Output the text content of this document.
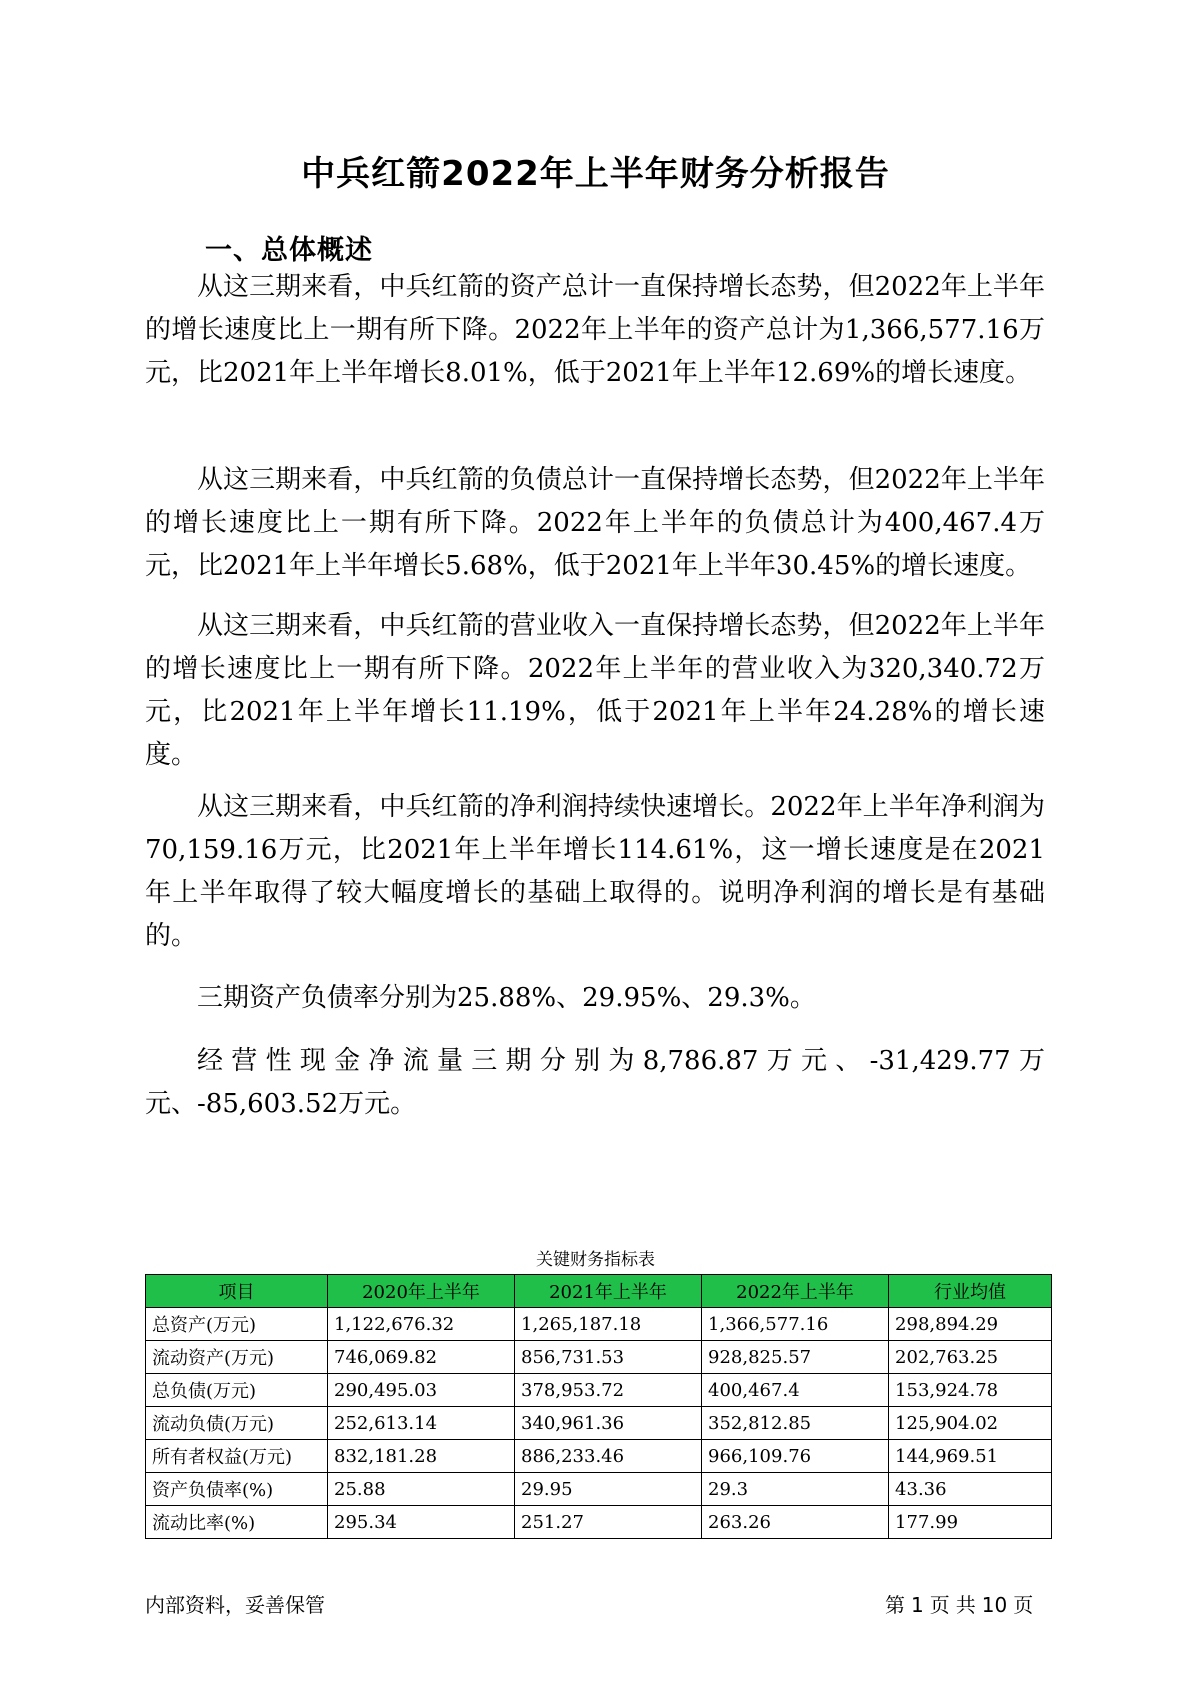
中兵红箭2022年上半年财务分析报告
一、总体概述

从这三期来看，中兵红箭的资产总计一直保持增长态势，但2022年上半年的增长速度比上一期有所下降。2022年上半年的资产总计为1,366,577.16万元，比2021年上半年增长8.01%，低于2021年上半年12.69%的增长速度。

从这三期来看，中兵红箭的负债总计一直保持增长态势，但2022年上半年的增长速度比上一期有所下降。2022年上半年的负债总计为400,467.4万元，比2021年上半年增长5.68%，低于2021年上半年30.45%的增长速度。

从这三期来看，中兵红箭的营业收入一直保持增长态势，但2022年上半年的增长速度比上一期有所下降。2022年上半年的营业收入为320,340.72万元，比2021年上半年增长11.19%，低于2021年上半年24.28%的增长速度。

从这三期来看，中兵红箭的净利润持续快速增长。2022年上半年净利润为70,159.16万元，比2021年上半年增长114.61%，这一增长速度是在2021年上半年取得了较大幅度增长的基础上取得的。说明净利润的增长是有基础的。

三期资产负债率分别为25.88%、29.95%、29.3%。

经营性现金净流量三期分别为8,786.87万元、-31,429.77万元、-85,603.52万元。

关键财务指标表
项目	2020年上半年	2021年上半年	2022年上半年	行业均值
总资产(万元)	1,122,676.32	1,265,187.18	1,366,577.16	298,894.29
流动资产(万元)	746,069.82	856,731.53	928,825.57	202,763.25
总负债(万元)	290,495.03	378,953.72	400,467.4	153,924.78
流动负债(万元)	252,613.14	340,961.36	352,812.85	125,904.02
所有者权益(万元)	832,181.28	886,233.46	966,109.76	144,969.51
资产负债率(%)	25.88	29.95	29.3	43.36
流动比率(%)	295.34	251.27	263.26	177.99
内部资料，妥善保管	第 1 页 共 10 页
